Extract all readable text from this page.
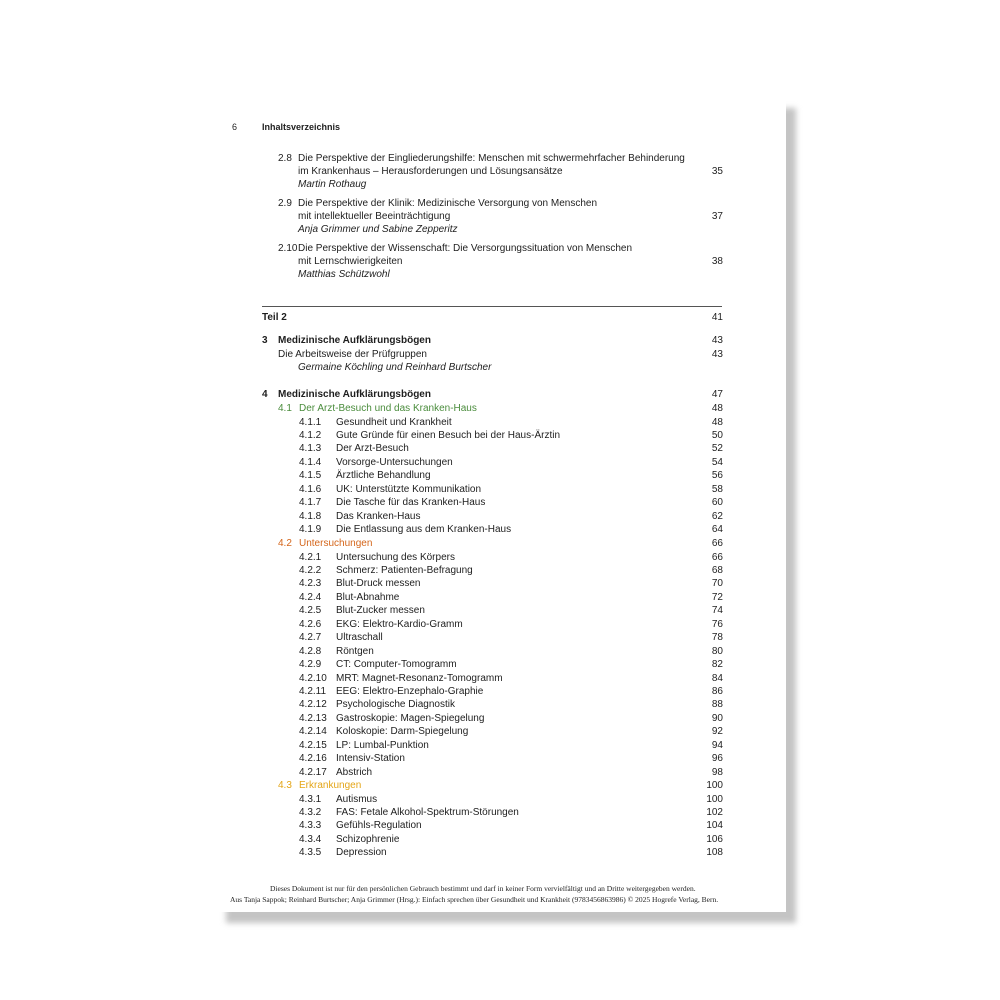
6	Inhaltsverzeichnis
2.8 Die Perspektive der Eingliederungshilfe: Menschen mit schwermehrfacher Behinderung
im Krankenhaus – Herausforderungen und Lösungsansätze	35
Martin Rothaug
2.9 Die Perspektive der Klinik: Medizinische Versorgung von Menschen
mit intellektueller Beeinträchtigung	37
Anja Grimmer und Sabine Zepperitz
2.10 Die Perspektive der Wissenschaft: Die Versorgungssituation von Menschen
mit Lernschwierigkeiten	38
Matthias Schützwohl
Teil 2	41
3 Medizinische Aufklärungsbögen	43
Die Arbeitsweise der Prüfgruppen	43
Germaine Köchling und Reinhard Burtscher
4 Medizinische Aufklärungsbögen	47
4.1 Der Arzt-Besuch und das Kranken-Haus	48
4.1.1 Gesundheit und Krankheit	48
4.1.2 Gute Gründe für einen Besuch bei der Haus-Ärztin	50
4.1.3 Der Arzt-Besuch	52
4.1.4 Vorsorge-Untersuchungen	54
4.1.5 Ärztliche Behandlung	56
4.1.6 UK: Unterstützte Kommunikation	58
4.1.7 Die Tasche für das Kranken-Haus	60
4.1.8 Das Kranken-Haus	62
4.1.9 Die Entlassung aus dem Kranken-Haus	64
4.2 Untersuchungen	66
4.2.1 Untersuchung des Körpers	66
4.2.2 Schmerz: Patienten-Befragung	68
4.2.3 Blut-Druck messen	70
4.2.4 Blut-Abnahme	72
4.2.5 Blut-Zucker messen	74
4.2.6 EKG: Elektro-Kardio-Gramm	76
4.2.7 Ultraschall	78
4.2.8 Röntgen	80
4.2.9 CT: Computer-Tomogramm	82
4.2.10 MRT: Magnet-Resonanz-Tomogramm	84
4.2.11 EEG: Elektro-Enzephalo-Graphie	86
4.2.12 Psychologische Diagnostik	88
4.2.13 Gastroskopie: Magen-Spiegelung	90
4.2.14 Koloskopie: Darm-Spiegelung	92
4.2.15 LP: Lumbal-Punktion	94
4.2.16 Intensiv-Station	96
4.2.17 Abstrich	98
4.3 Erkrankungen	100
4.3.1 Autismus	100
4.3.2 FAS: Fetale Alkohol-Spektrum-Störungen	102
4.3.3 Gefühls-Regulation	104
4.3.4 Schizophrenie	106
4.3.5 Depression	108
Dieses Dokument ist nur für den persönlichen Gebrauch bestimmt und darf in keiner Form vervielfältigt und an Dritte weitergegeben werden.
Aus Tanja Sappok; Reinhard Burtscher; Anja Grimmer (Hrsg.): Einfach sprechen über Gesundheit und Krankheit (9783456863986) © 2025 Hogrefe Verlag, Bern.
